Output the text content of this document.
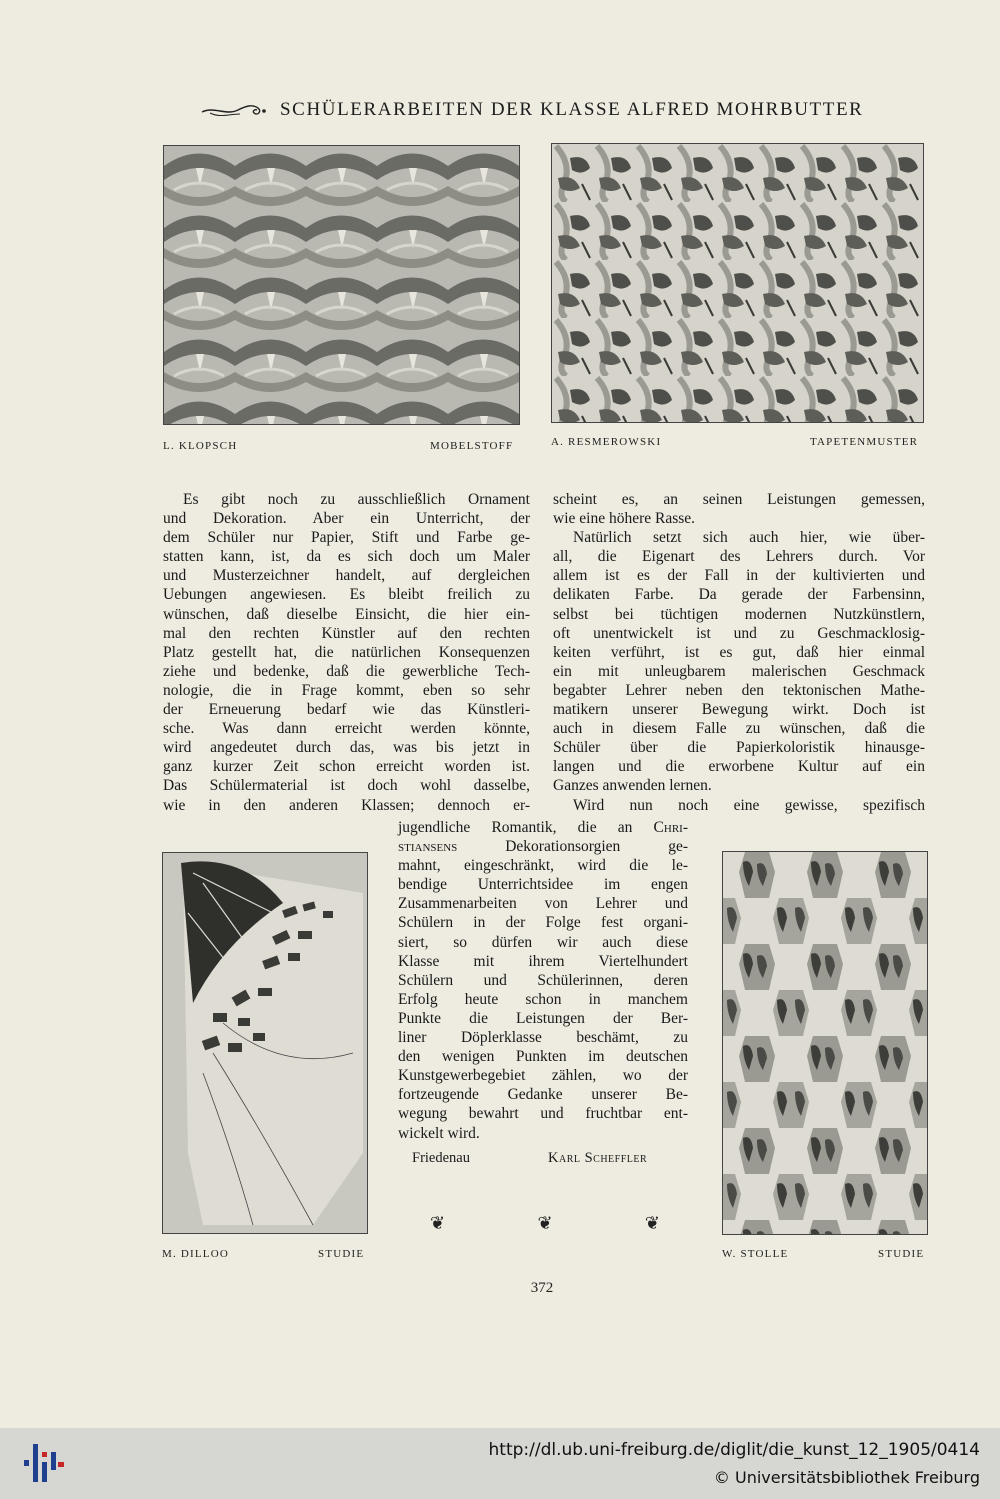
SCHÜLERARBEITEN DER KLASSE ALFRED MOHRBUTTER
L. KLOPSCH	MOBELSTOFF	A. RESMEROWSKI	TAPETENMUSTER
Es gibt noch zu ausschließlich Ornament
und Dekoration. Aber ein Unterricht, der
dem Schüler nur Papier, Stift und Farbe ge-
statten kann, ist, da es sich doch um Maler
und Musterzeichner handelt, auf dergleichen
Uebungen angewiesen. Es bleibt freilich zu
wünschen, daß dieselbe Einsicht, die hier ein-
mal den rechten Künstler auf den rechten
Platz gestellt hat, die natürlichen Konsequenzen
ziehe und bedenke, daß die gewerbliche Tech-
nologie, die in Frage kommt, eben so sehr
der Erneuerung bedarf wie das Künstleri-
sche. Was dann erreicht werden könnte,
wird angedeutet durch das, was bis jetzt in
ganz kurzer Zeit schon erreicht worden ist.
Das Schülermaterial ist doch wohl dasselbe,
wie in den anderen Klassen; dennoch er-
scheint es, an seinen Leistungen gemessen,
wie eine höhere Rasse.
Natürlich setzt sich auch hier, wie über-
all, die Eigenart des Lehrers durch. Vor
allem ist es der Fall in der kultivierten und
delikaten Farbe. Da gerade der Farbensinn,
selbst bei tüchtigen modernen Nutzkünstlern,
oft unentwickelt ist und zu Geschmacklosig-
keiten verführt, ist es gut, daß hier einmal
ein mit unleugbarem malerischen Geschmack
begabter Lehrer neben den tektonischen Mathe-
matikern unserer Bewegung wirkt. Doch ist
auch in diesem Falle zu wünschen, daß die
Schüler über die Papierkoloristik hinausge-
langen und die erworbene Kultur auf ein
Ganzes anwenden lernen.
Wird nun noch eine gewisse, spezifisch
jugendliche Romantik, die an Chri-
stiansens Dekorationsorgien ge-
mahnt, eingeschränkt, wird die le-
bendige Unterrichtsidee im engen
Zusammenarbeiten von Lehrer und
Schülern in der Folge fest organi-
siert, so dürfen wir auch diese
Klasse mit ihrem Viertelhundert
Schülern und Schülerinnen, deren
Erfolg heute schon in manchem
Punkte die Leistungen der Ber-
liner Döplerklasse beschämt, zu
den wenigen Punkten im deutschen
Kunstgewerbegebiet zählen, wo der
fortzeugende Gedanke unserer Be-
wegung bewahrt und fruchtbar ent-
wickelt wird.
Friedenau	Karl Scheffler
M. DILLOO	STUDIE	W. STOLLE	STUDIE
❦	❦	❦
372
http://dl.ub.uni-freiburg.de/diglit/die_kunst_12_1905/0414
© Universitätsbibliothek Freiburg
